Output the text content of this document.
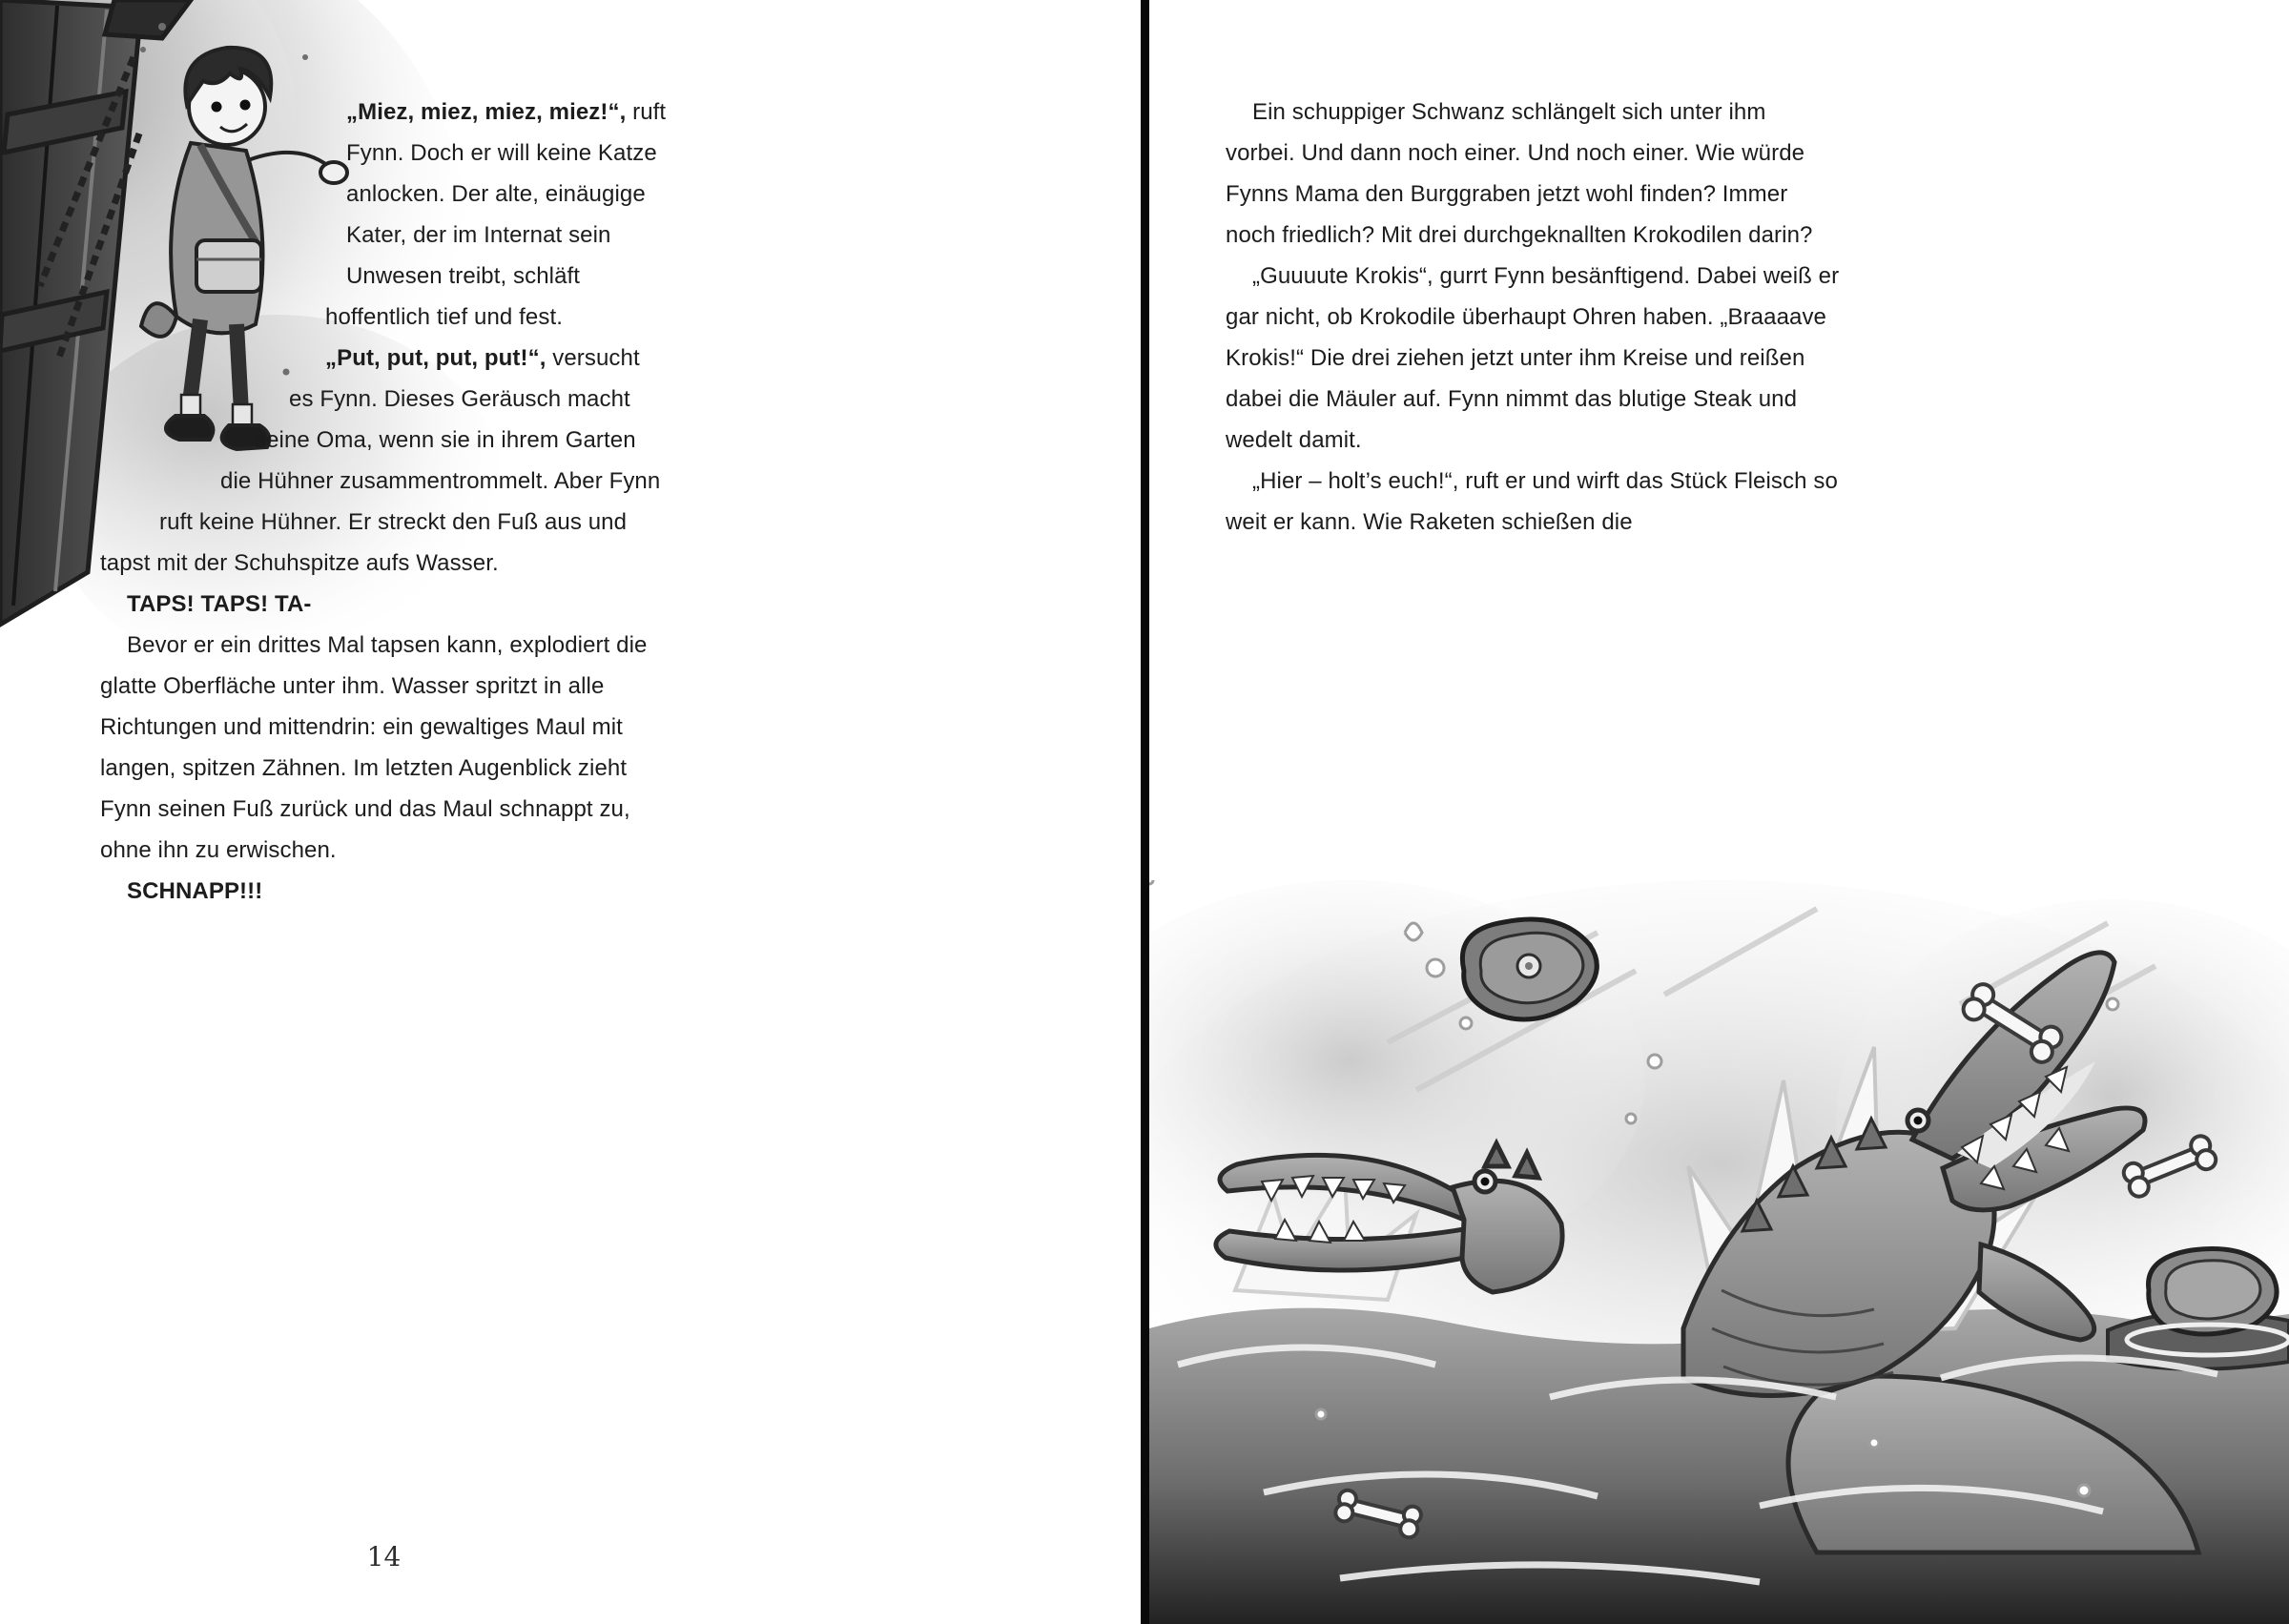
„Miez, miez, miez, miez!“, ruft Fynn. Doch er will keine Katze anlocken. Der alte, einäugige Kater, der im Internat sein Unwesen treibt, schläft hoffentlich tief und fest.

„Put, put, put, put!“, versucht es Fynn. Dieses Geräusch macht seine Oma, wenn sie in ihrem Garten die Hühner zusammentrommelt. Aber Fynn ruft keine Hühner. Er streckt den Fuß aus und tapst mit der Schuhspitze aufs Wasser.

TAPS! TAPS! TA-

Bevor er ein drittes Mal tapsen kann, explodiert die glatte Oberfläche unter ihm. Wasser spritzt in alle Richtungen und mittendrin: ein gewaltiges Maul mit langen, spitzen Zähnen. Im letzten Augenblick zieht Fynn seinen Fuß zurück und das Maul schnappt zu, ohne ihn zu erwischen.

SCHNAPP!!!

14

Ein schuppiger Schwanz schlängelt sich unter ihm vorbei. Und dann noch einer. Und noch einer. Wie würde Fynns Mama den Burggraben jetzt wohl finden? Immer noch friedlich? Mit drei durchgeknallten Krokodilen darin?

„Guuuute Krokis“, gurrt Fynn besänftigend. Dabei weiß er gar nicht, ob Krokodile überhaupt Ohren haben. „Braaaave Krokis!“ Die drei ziehen jetzt unter ihm Kreise und reißen dabei die Mäuler auf. Fynn nimmt das blutige Steak und wedelt damit.

„Hier – holt’s euch!“, ruft er und wirft das Stück Fleisch so weit er kann. Wie Raketen schießen die
